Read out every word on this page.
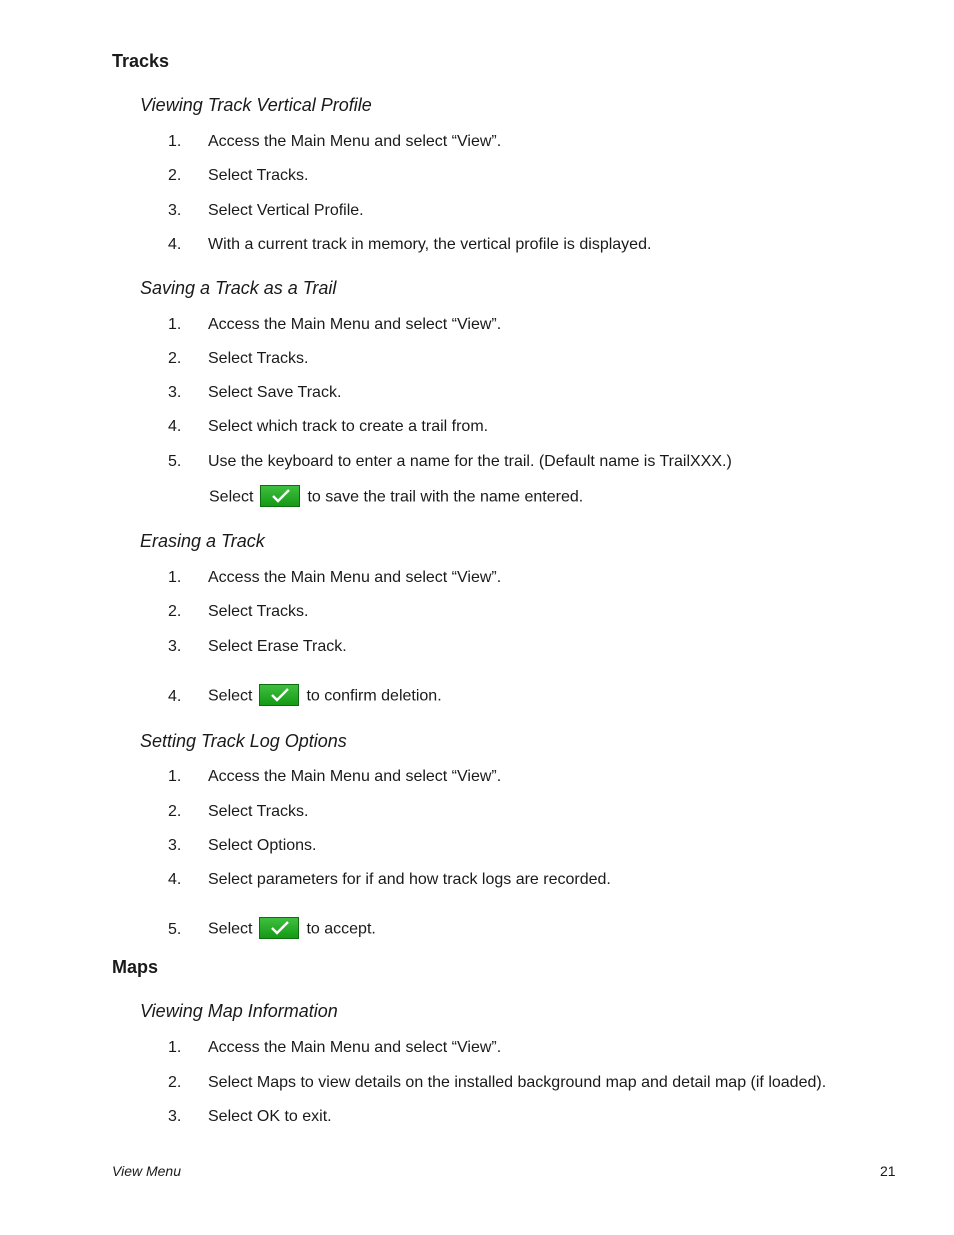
Tracks
Viewing Track Vertical Profile
1. Access the Main Menu and select “View”.
2. Select Tracks.
3. Select Vertical Profile.
4. With a current track in memory, the vertical profile is displayed.
Saving a Track as a Trail
1. Access the Main Menu and select “View”.
2. Select Tracks.
3. Select Save Track.
4. Select which track to create a trail from.
5. Use the keyboard to enter a name for the trail. (Default name is TrailXXX.)
Select	to save the trail with the name entered.
Erasing a Track
1. Access the Main Menu and select “View”.
2. Select Tracks.
3. Select Erase Track.
4. Select	to confirm deletion.
Setting Track Log Options
1. Access the Main Menu and select “View”.
2. Select Tracks.
3. Select Options.
4. Select parameters for if and how track logs are recorded.
5. Select	to accept.
Maps
Viewing Map Information
1. Access the Main Menu and select “View”.
2. Select Maps to view details on the installed background map and detail map (if loaded).
3. Select OK to exit.
View Menu	21
